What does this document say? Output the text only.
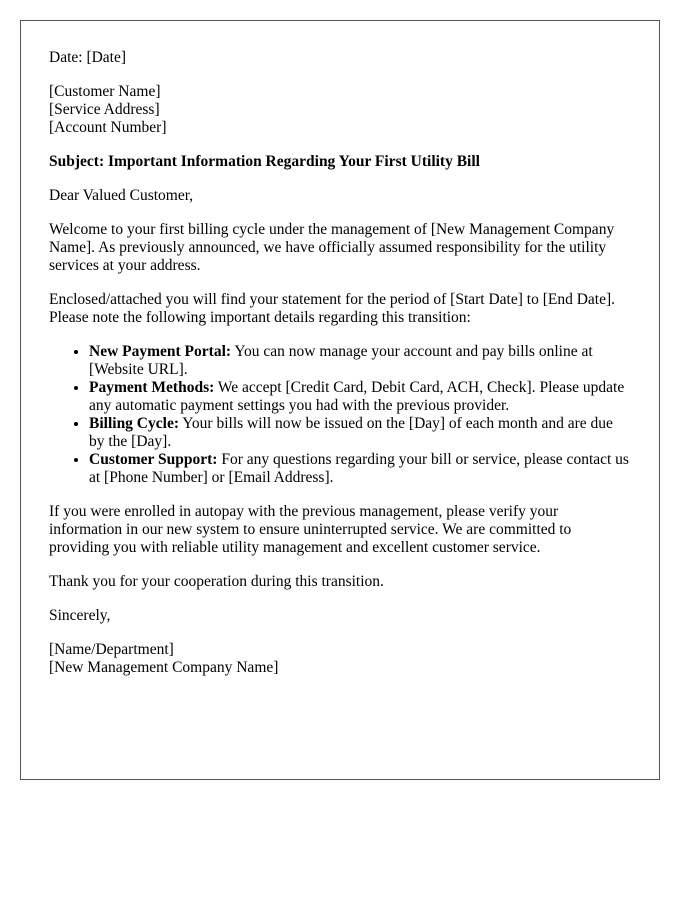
Date: [Date]

[Customer Name]
[Service Address]
[Account Number]

Subject: Important Information Regarding Your First Utility Bill

Dear Valued Customer,

Welcome to your first billing cycle under the management of [New Management Company Name]. As previously announced, we have officially assumed responsibility for the utility services at your address.

Enclosed/attached you will find your statement for the period of [Start Date] to [End Date]. Please note the following important details regarding this transition:

• New Payment Portal: You can now manage your account and pay bills online at [Website URL].
• Payment Methods: We accept [Credit Card, Debit Card, ACH, Check]. Please update any automatic payment settings you had with the previous provider.
• Billing Cycle: Your bills will now be issued on the [Day] of each month and are due by the [Day].
• Customer Support: For any questions regarding your bill or service, please contact us at [Phone Number] or [Email Address].

If you were enrolled in autopay with the previous management, please verify your information in our new system to ensure uninterrupted service. We are committed to providing you with reliable utility management and excellent customer service.

Thank you for your cooperation during this transition.

Sincerely,

[Name/Department]
[New Management Company Name]
